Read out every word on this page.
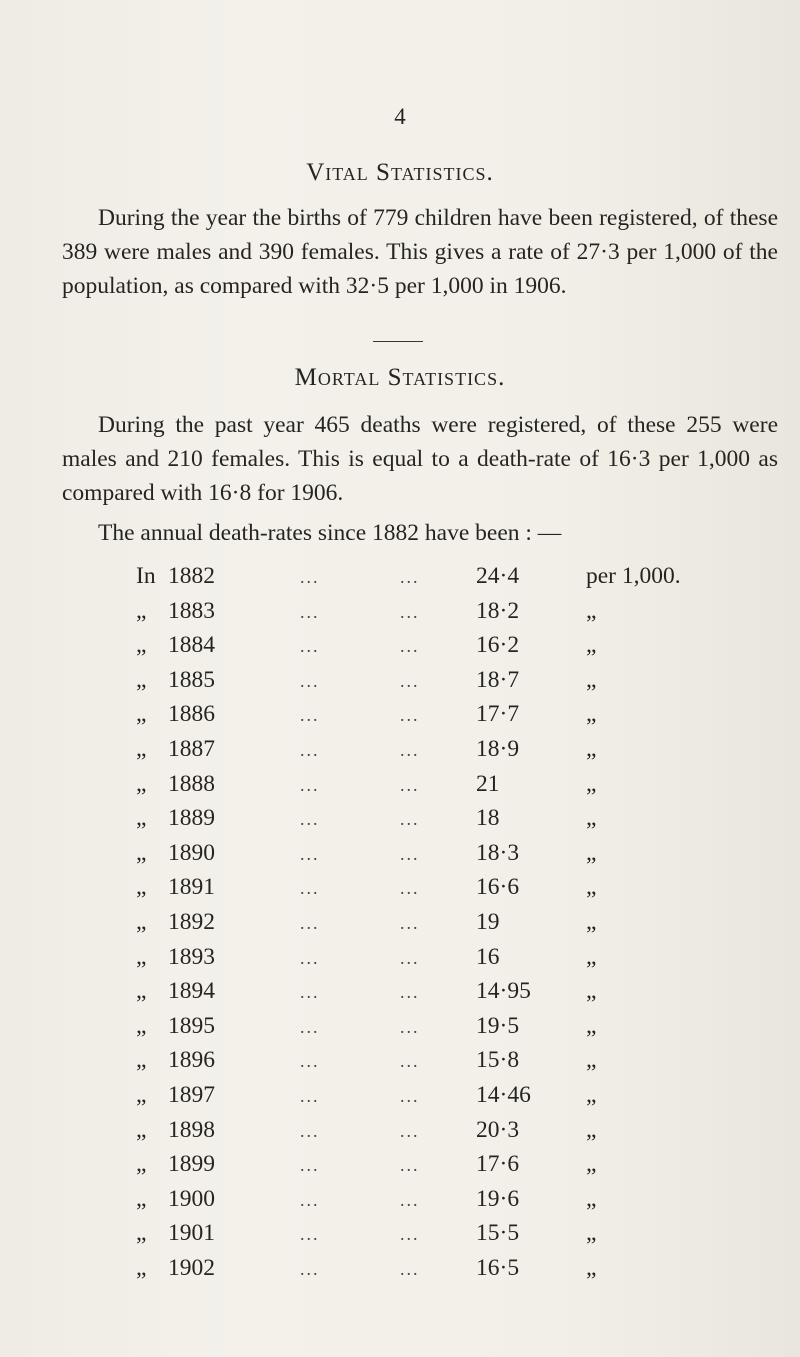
4
Vital Statistics.

During the year the births of 779 children have been registered, of these 389 were males and 390 females. This gives a rate of 27·3 per 1,000 of the population, as compared with 32·5 per 1,000 in 1906.

Mortal Statistics.

During the past year 465 deaths were registered, of these 255 were males and 210 females. This is equal to a death-rate of 16·3 per 1,000 as compared with 16·8 for 1906.

The annual death-rates since 1882 have been : —
In 1882	...	... 24·4	per 1,000.
„ 1883	...	... 18·2	„
„ 1884	...	... 16·2	„
„ 1885	...	... 18·7	„
„ 1886	...	... 17·7	„
„ 1887	...	... 18·9	„
„ 1888	...	... 21	„
„ 1889	...	... 18	„
„ 1890	...	... 18·3	„
„ 1891	...	... 16·6	„
„ 1892	...	... 19	„
„ 1893	...	... 16	„
„ 1894	...	... 14·95 „
„ 1895	...	... 19·5	„
„ 1896	...	... 15·8	„
„ 1897	...	... 14·46 „
„ 1898	...	... 20·3	„
„ 1899	...	... 17·6	„
„ 1900	...	... 19·6	„
„ 1901	...	... 15·5	„
„ 1902	...	... 16·5	„
